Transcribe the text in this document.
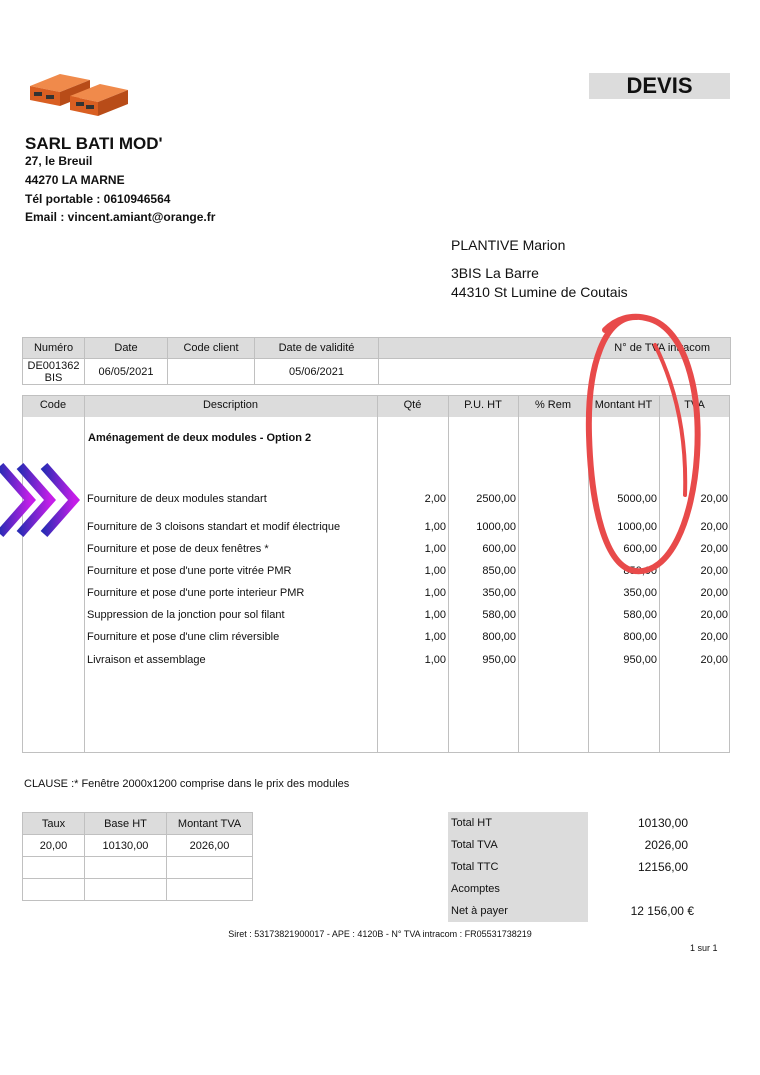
DEVIS
SARL BATI MOD'
27, le Breuil
44270 LA MARNE
Tél portable : 0610946564
Email : vincent.amiant@orange.fr
PLANTIVE Marion
3BIS La Barre
44310 St Lumine de Coutais
Numéro	Date	Code client	Date de validité	N° de TVA intracom

DE001362
BIS	06/05/2021		05/06/2021	
Code	Description	Qté	P.U. HT	% Rem	Montant HT	TVA
Aménagement de deux modules - Option 2
Fourniture de deux modules standart	2,00	2500,00	5000,00	20,00
Fourniture de 3 cloisons standart et modif électrique	1,00	1000,00	1000,00	20,00
Fourniture et pose de deux fenêtres *	1,00	600,00	600,00	20,00
Fourniture et pose d'une porte vitrée PMR	1,00	850,00	850,00	20,00
Fourniture et pose d'une porte interieur PMR	1,00	350,00	350,00	20,00
Suppression de la jonction pour sol filant	1,00	580,00	580,00	20,00
Fourniture et pose d'une clim réversible	1,00	800,00	800,00	20,00
Livraison et assemblage	1,00	950,00	950,00	20,00
CLAUSE :* Fenêtre 2000x1200 comprise dans le prix des modules
Taux	Base HT	Montant TVA
20,00	10130,00	2026,00

Total HT	10130,00
Total TVA	2026,00
Total TTC	12156,00
Acomptes
Net à payer	12 156,00 €
Siret : 53173821900017 - APE : 4120B - N° TVA intracom : FR05531738219
1 sur 1
